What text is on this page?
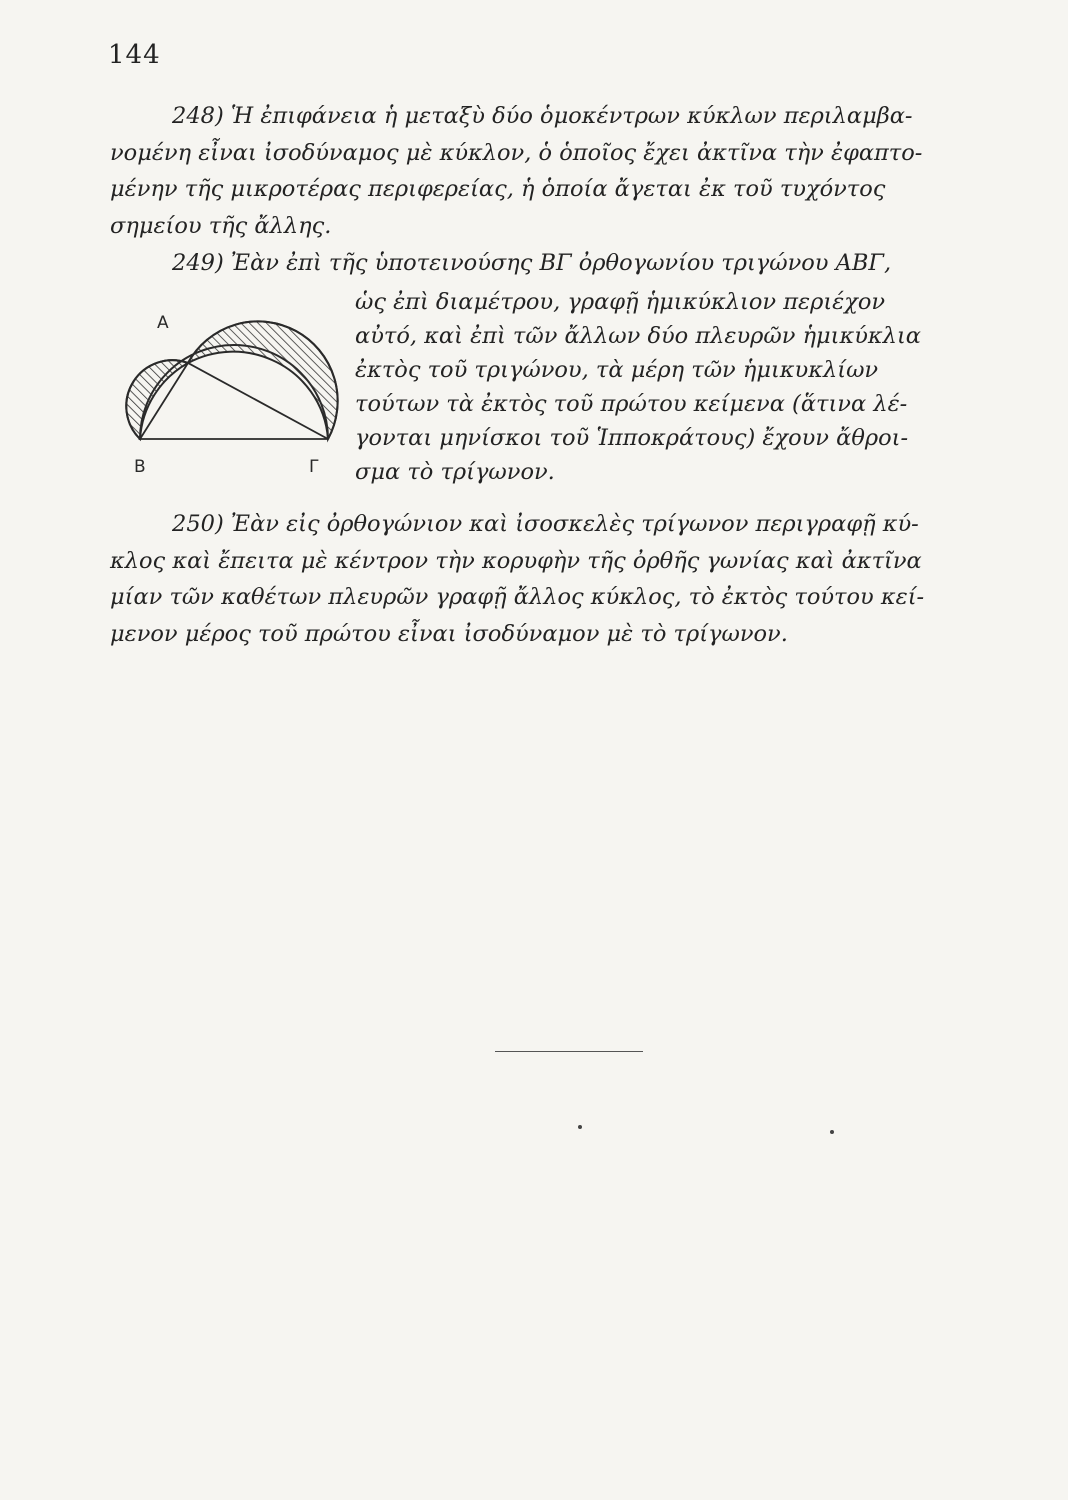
144
248) Ἡ ἐπιφάνεια ἡ μεταξὺ δύο ὁμοκέντρων κύκλων περιλαμβα-
νομένη εἶναι ἰσοδύναμος μὲ κύκλον, ὁ ὁποῖος ἔχει ἀκτῖνα τὴν ἐφαπτο-
μένην τῆς μικροτέρας περιφερείας, ἡ ὁποία ἄγεται ἐκ τοῦ τυχόντος
σημείου τῆς ἄλλης.
249) Ἐὰν ἐπὶ τῆς ὑποτεινούσης ΒΓ ὀρθογωνίου τριγώνου ΑΒΓ,
ὡς ἐπὶ διαμέτρου, γραφῇ ἡμικύκλιον περιέχον
αὐτό, καὶ ἐπὶ τῶν ἄλλων δύο πλευρῶν ἡμικύκλια
ἐκτὸς τοῦ τριγώνου, τὰ μέρη τῶν ἡμικυκλίων
τούτων τὰ ἐκτὸς τοῦ πρώτου κείμενα (ἅτινα λέ-
γονται μηνίσκοι τοῦ Ἱπποκράτους) ἔχουν ἄθροι-
σμα τὸ τρίγωνον.
Α
Β	Γ
250) Ἐὰν εἰς ὀρθογώνιον καὶ ἰσοσκελὲς τρίγωνον περιγραφῇ κύ-
κλος καὶ ἔπειτα μὲ κέντρον τὴν κορυφὴν τῆς ὀρθῆς γωνίας καὶ ἀκτῖνα
μίαν τῶν καθέτων πλευρῶν γραφῇ ἄλλος κύκλος, τὸ ἐκτὸς τούτου κεί-
μενον μέρος τοῦ πρώτου εἶναι ἰσοδύναμον μὲ τὸ τρίγωνον.
